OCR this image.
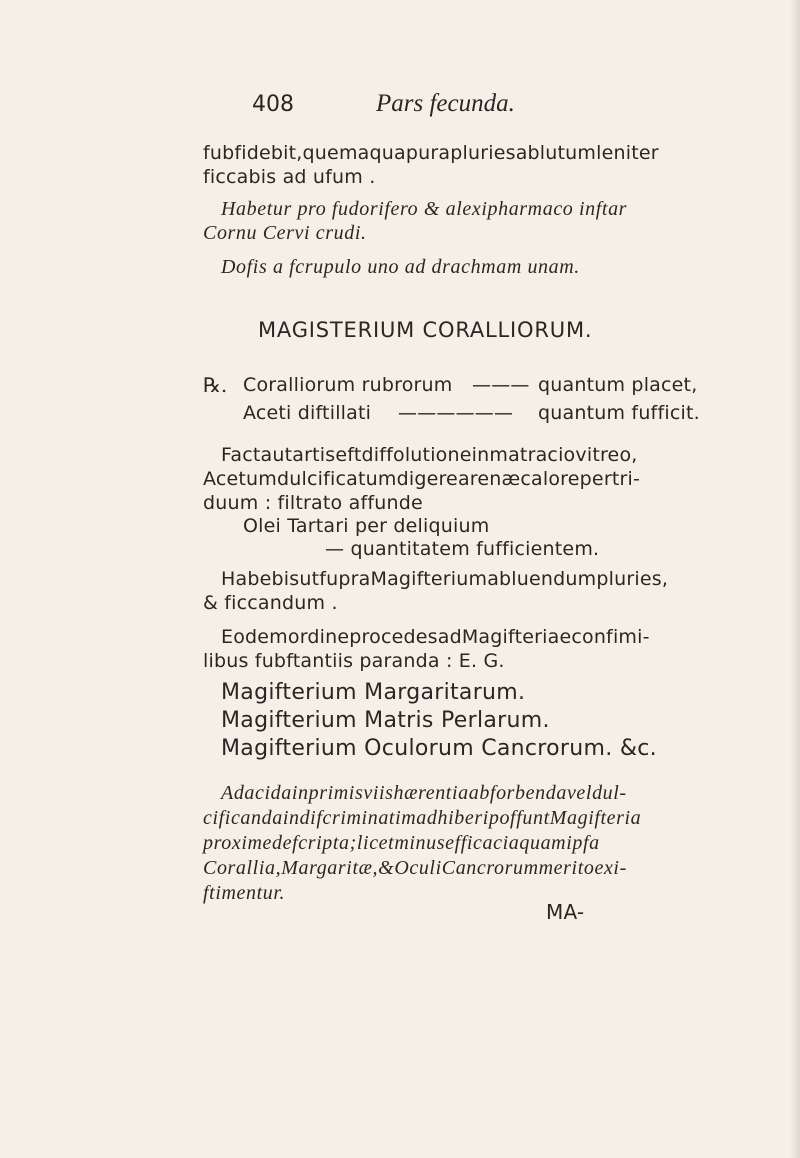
408	Pars fecunda.
fubfidebit, quem aqua pura pluries ablutum leniter
ficcabis ad ufum .
Habetur pro fudorifero & alexipharmaco inftar
Cornu Cervi crudi.
Dofis a fcrupulo uno ad drachmam unam.
MAGISTERIUM CORALLIORUM.
℞. Coralliorum rubrorum ——— quantum placet,
Aceti diftillati —————— quantum fufficit.
Facta ut artis eft diffolutione in matracio vitreo,
Acetum dulcificatum digere arenæ calore per tri-
duum : filtrato affunde
Olei Tartari per deliquium
— quantitatem fufficientem.
Habebis ut fupra Magifterium abluendum pluries,
& ficcandum .
Eodem ordine procedes ad Magifteria e confimi-
libus fubftantiis paranda : E. G.
Magifterium Margaritarum.
Magifterium Matris Perlarum.
Magifterium Oculorum Cancrorum. &c.
Ad acida in primis viis hærentia abforbenda vel dul-
cificanda indifcriminatim adhiberi poffunt Magifteria
proxime defcripta ; licet minus efficacia quam ipfa
Corallia , Margaritæ, & Oculi Cancrorum merito exi-
ftimentur.
MA-
